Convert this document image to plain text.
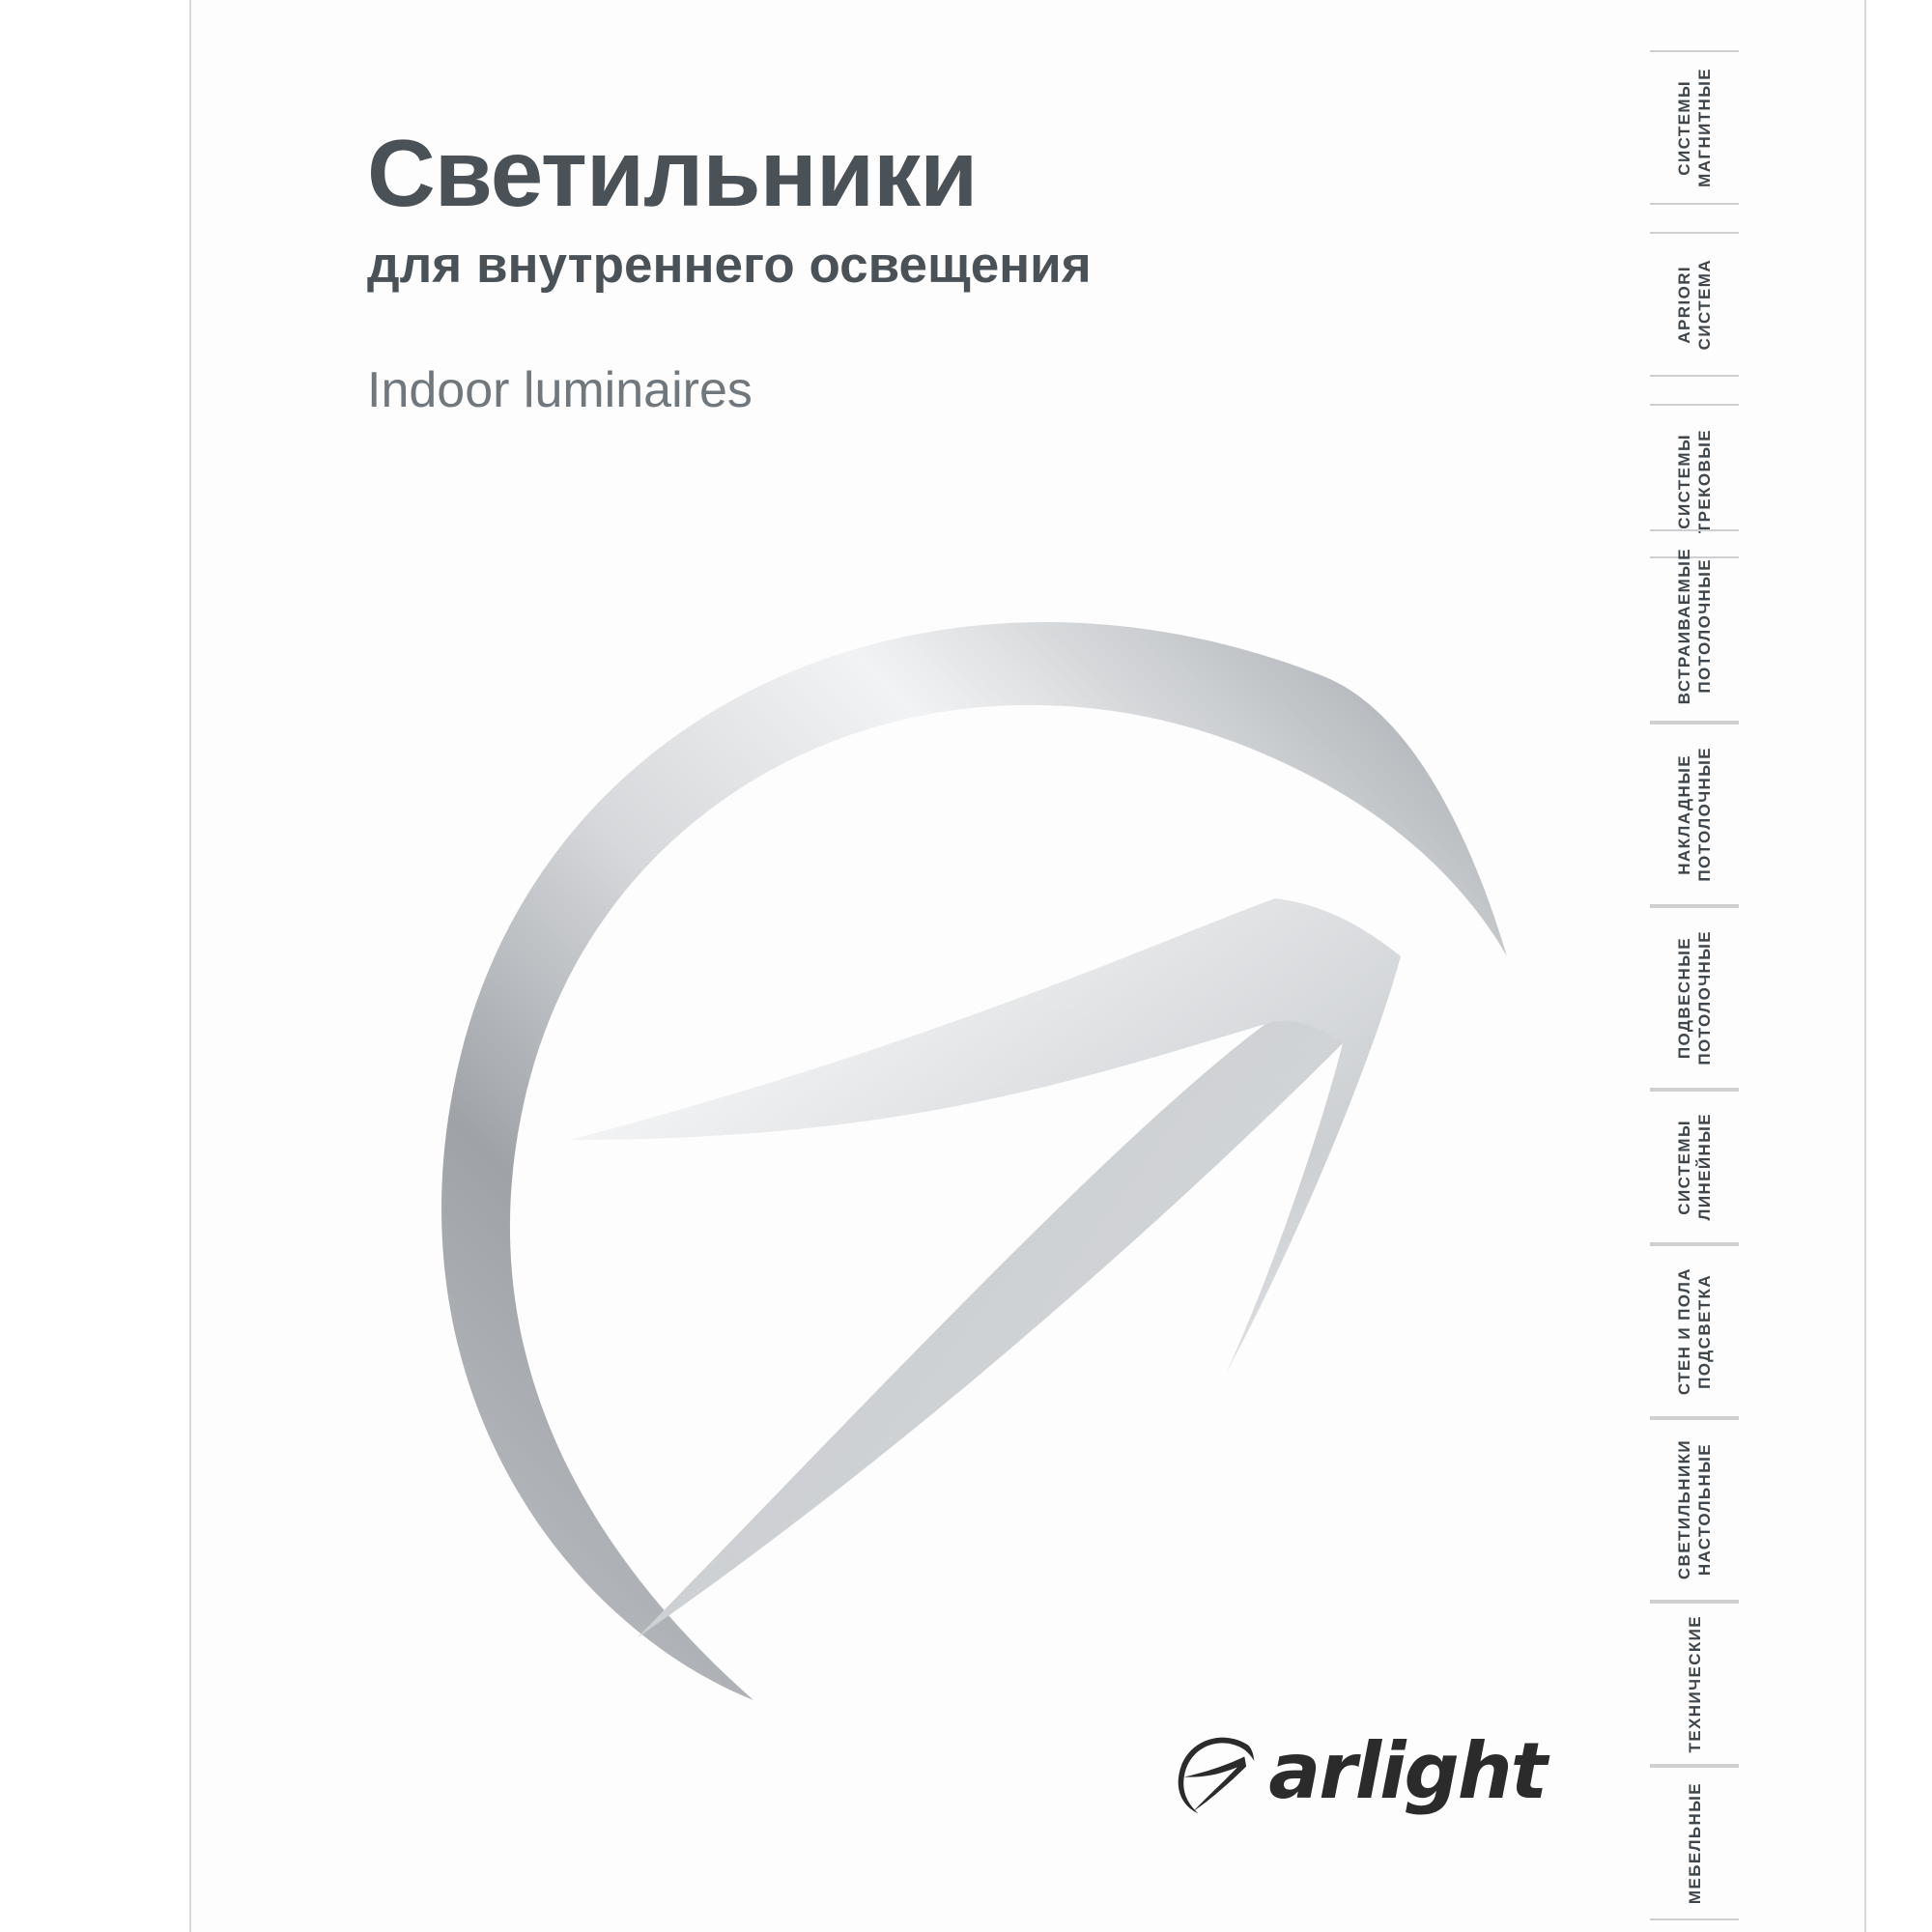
Светильники
для внутреннего освещения
Indoor luminaires
arlight
МАГНИТНЫЕ
СИСТЕМЫ
СИСТЕМА
APRIORI
ТРЕКОВЫЕ
СИСТЕМЫ
ПОТОЛОЧНЫЕ
ВСТРАИВАЕМЫЕ
ПОТОЛОЧНЫЕ
НАКЛАДНЫЕ
ПОТОЛОЧНЫЕ
ПОДВЕСНЫЕ
ЛИНЕЙНЫЕ
СИСТЕМЫ
ПОДСВЕТКА
СТЕН И ПОЛА
НАСТОЛЬНЫЕ
СВЕТИЛЬНИКИ
ТЕХНИЧЕСКИЕ
МЕБЕЛЬНЫЕ
